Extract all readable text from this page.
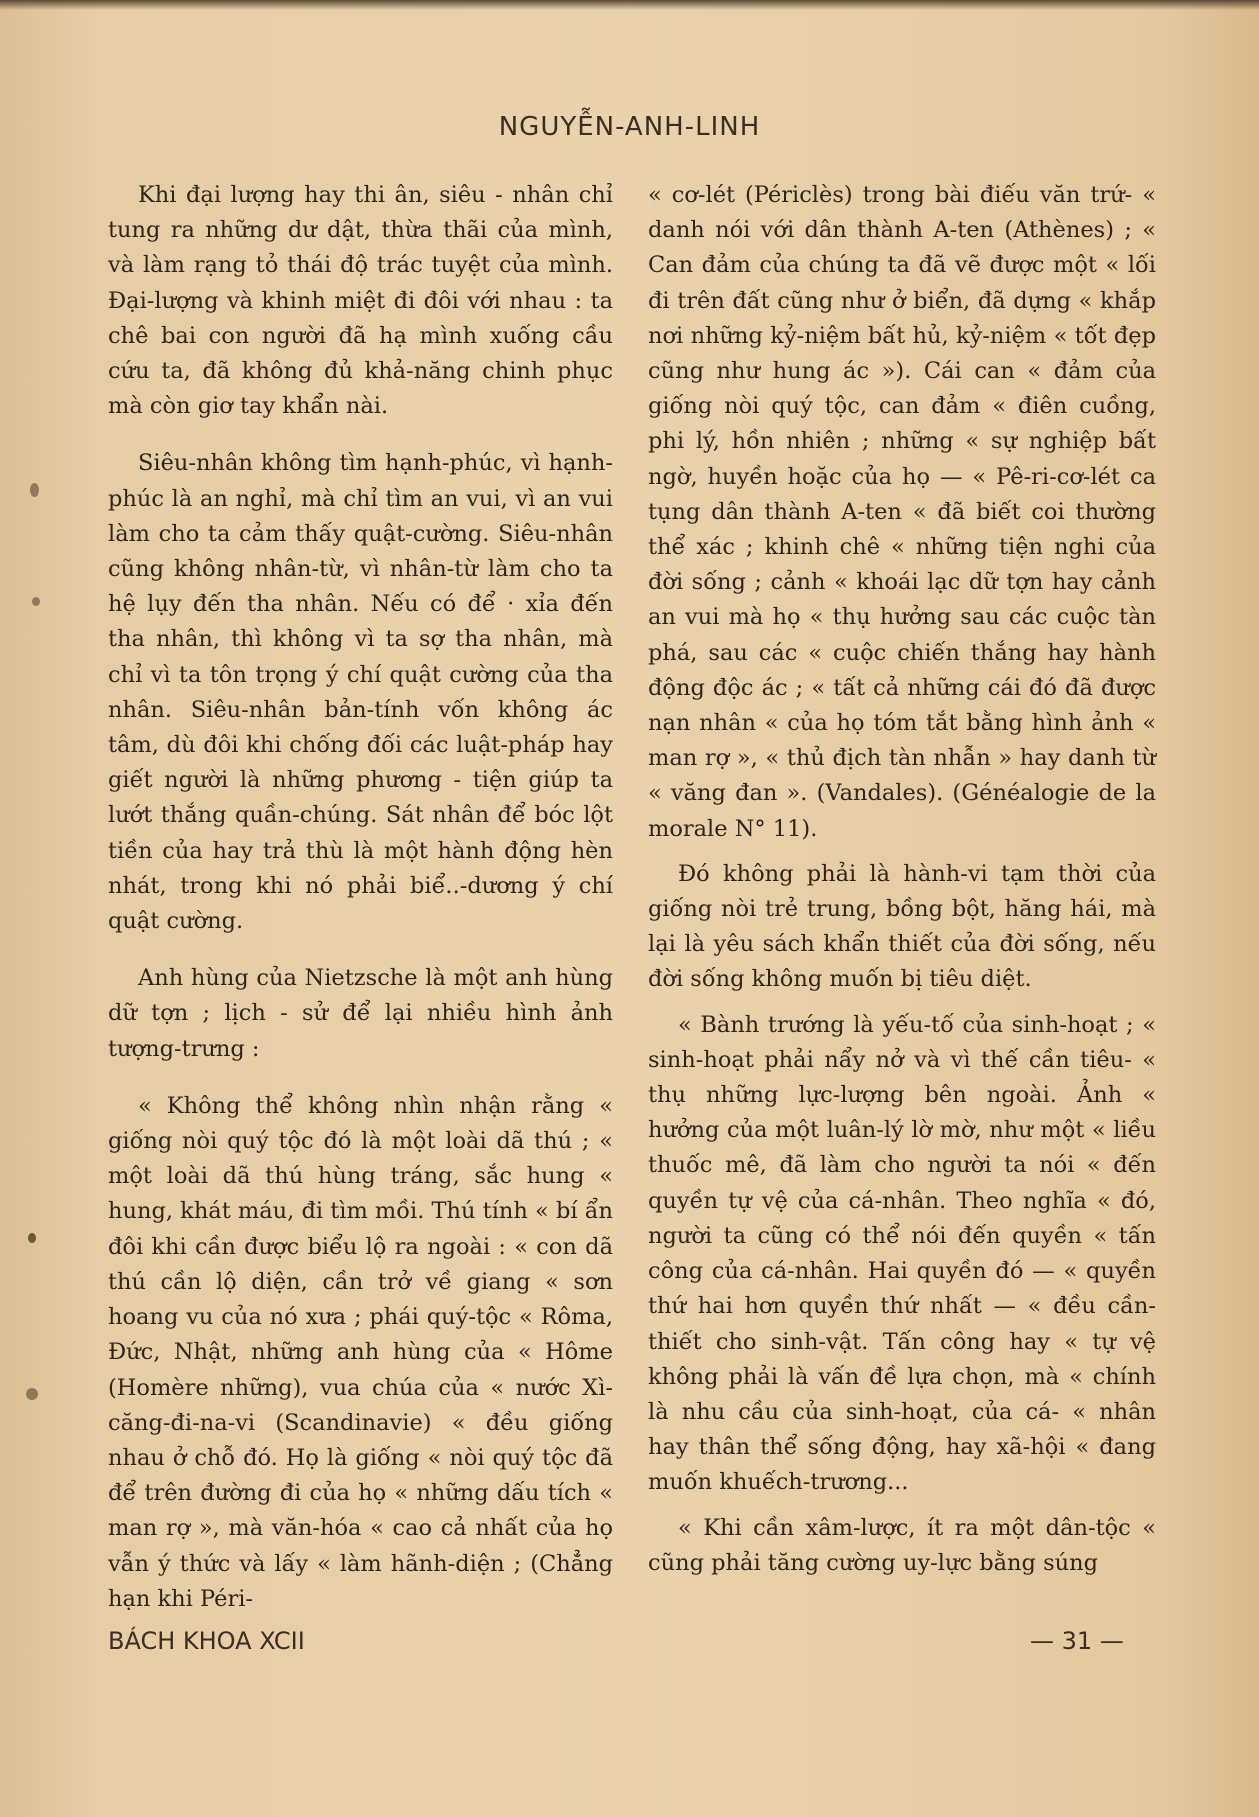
NGUYỄN-ANH-LINH

Khi đại lượng hay thi ân, siêu - nhân chỉ tung ra những dư dật, thừa thãi của mình, và làm rạng tỏ thái độ trác tuyệt của mình. Đại-lượng và khinh miệt đi đôi với nhau : ta chê bai con người đã hạ mình xuống cầu cứu ta, đã không đủ khả-năng chinh phục mà còn giơ tay khẩn nài.

Siêu-nhân không tìm hạnh-phúc, vì hạnh-phúc là an nghỉ, mà chỉ tìm an vui, vì an vui làm cho ta cảm thấy quật-cường. Siêu-nhân cũng không nhân-từ, vì nhân-từ làm cho ta hệ lụy đến tha nhân. Nếu có để · xỉa đến tha nhân, thì không vì ta sợ tha nhân, mà chỉ vì ta tôn trọng ý chí quật cường của tha nhân. Siêu-nhân bản-tính vốn không ác tâm, dù đôi khi chống đối các luật-pháp hay giết người là những phương - tiện giúp ta lướt thắng quần-chúng. Sát nhân để bóc lột tiền của hay trả thù là một hành động hèn nhát, trong khi nó phải biể..-dương ý chí quật cường.

Anh hùng của Nietzsche là một anh hùng dữ tợn ; lịch - sử để lại nhiều hình ảnh tượng-trưng :

« Không thể không nhìn nhận rằng « giống nòi quý tộc đó là một loài dã thú ; « một loài dã thú hùng tráng, sắc hung « hung, khát máu, đi tìm mồi. Thú tính « bí ẩn đôi khi cần được biểu lộ ra ngoài : « con dã thú cần lộ diện, cần trở về giang « sơn hoang vu của nó xưa ; phái quý-tộc « Rôma, Đức, Nhật, những anh hùng của « Hôme (Homère những), vua chúa của « nước Xì-căng-đi-na-vi (Scandinavie) « đều giống nhau ở chỗ đó. Họ là giống « nòi quý tộc đã để trên đường đi của họ « những dấu tích « man rợ », mà văn-hóa « cao cả nhất của họ vẫn ý thức và lấy « làm hãnh-diện ; (Chẳng hạn khi Péri-

« cơ-lét (Périclès) trong bài điếu văn trứ- « danh nói với dân thành A-ten (Athènes) ; « Can đảm của chúng ta đã vẽ được một « lối đi trên đất cũng như ở biển, đã dựng « khắp nơi những kỷ-niệm bất hủ, kỷ-niệm « tốt đẹp cũng như hung ác »). Cái can « đảm của giống nòi quý tộc, can đảm « điên cuồng, phi lý, hồn nhiên ; những « sự nghiệp bất ngờ, huyền hoặc của họ — « Pê-ri-cơ-lét ca tụng dân thành A-ten « đã biết coi thường thể xác ; khinh chê « những tiện nghi của đời sống ; cảnh « khoái lạc dữ tợn hay cảnh an vui mà họ « thụ hưởng sau các cuộc tàn phá, sau các « cuộc chiến thắng hay hành động độc ác ; « tất cả những cái đó đã được nạn nhân « của họ tóm tắt bằng hình ảnh « man rợ », « thủ địch tàn nhẫn » hay danh từ « văng đan ». (Vandales). (Généalogie de la morale N° 11).

Đó không phải là hành-vi tạm thời của giống nòi trẻ trung, bồng bột, hăng hái, mà lại là yêu sách khẩn thiết của đời sống, nếu đời sống không muốn bị tiêu diệt.

« Bành trướng là yếu-tố của sinh-hoạt ; « sinh-hoạt phải nẩy nở và vì thế cần tiêu- « thụ những lực-lượng bên ngoài. Ảnh « hưởng của một luân-lý lờ mờ, như một « liều thuốc mê, đã làm cho người ta nói « đến quyền tự vệ của cá-nhân. Theo nghĩa « đó, người ta cũng có thể nói đến quyền « tấn công của cá-nhân. Hai quyền đó — « quyền thứ hai hơn quyền thứ nhất — « đều cần-thiết cho sinh-vật. Tấn công hay « tự vệ không phải là vấn đề lựa chọn, mà « chính là nhu cầu của sinh-hoạt, của cá- « nhân hay thân thể sống động, hay xã-hội « đang muốn khuếch-trương...

« Khi cần xâm-lược, ít ra một dân-tộc « cũng phải tăng cường uy-lực bằng súng

BÁCH KHOA XCII	— 31 —
